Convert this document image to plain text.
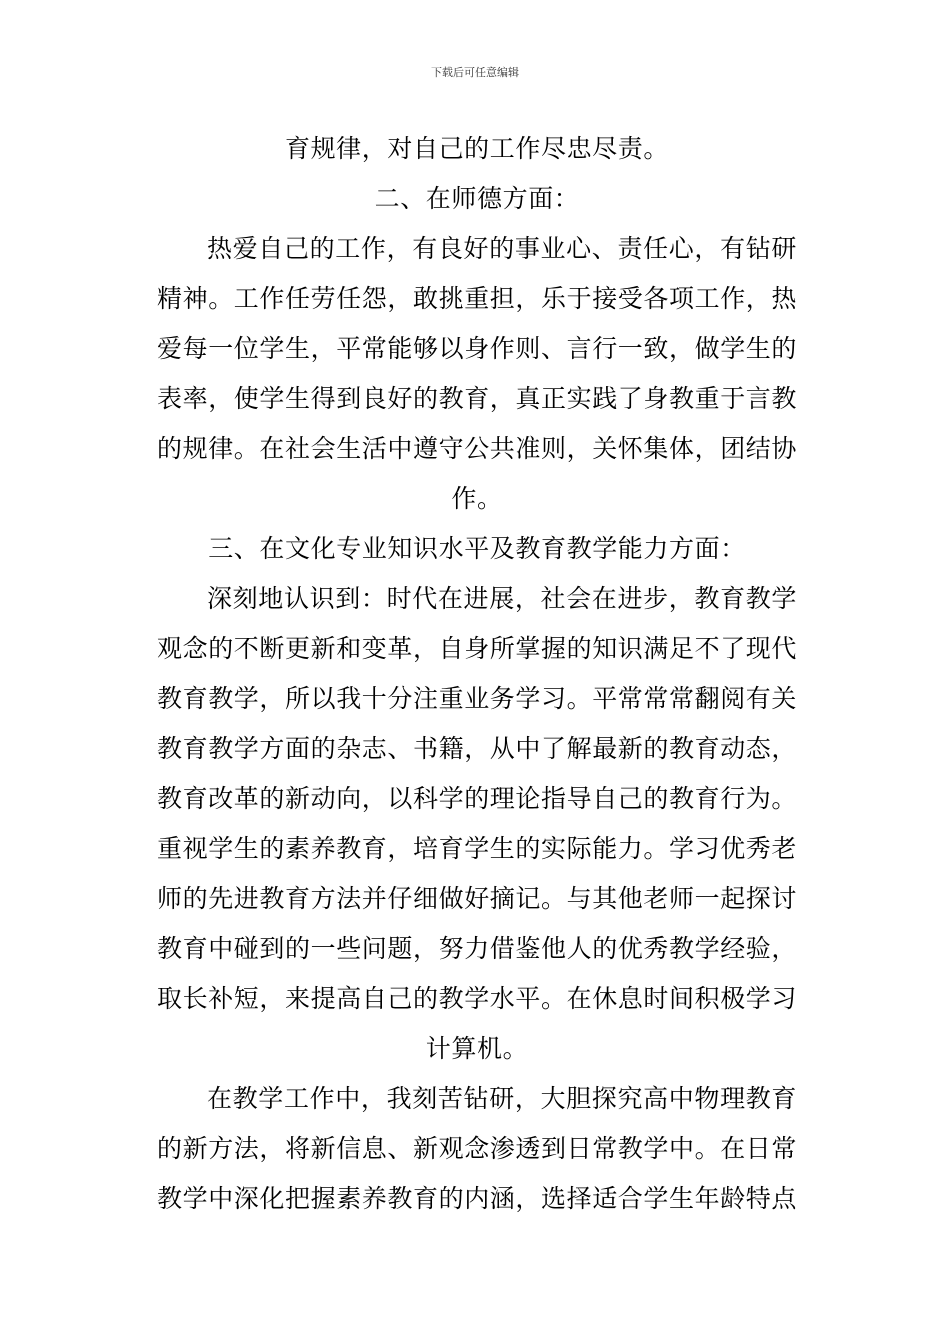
下载后可任意编辑
育规律，对自己的工作尽忠尽责。
二、在师德方面：
热爱自己的工作，有良好的事业心、责任心，有钻研
精神。工作任劳任怨，敢挑重担，乐于接受各项工作，热
爱每一位学生，平常能够以身作则、言行一致，做学生的
表率，使学生得到良好的教育，真正实践了身教重于言教
的规律。在社会生活中遵守公共准则，关怀集体，团结协
作。
三、在文化专业知识水平及教育教学能力方面：
深刻地认识到：时代在进展，社会在进步，教育教学
观念的不断更新和变革，自身所掌握的知识满足不了现代
教育教学，所以我十分注重业务学习。平常常常翻阅有关
教育教学方面的杂志、书籍，从中了解最新的教育动态，
教育改革的新动向，以科学的理论指导自己的教育行为。
重视学生的素养教育，培育学生的实际能力。学习优秀老
师的先进教育方法并仔细做好摘记。与其他老师一起探讨
教育中碰到的一些问题，努力借鉴他人的优秀教学经验，
取长补短，来提高自己的教学水平。在休息时间积极学习
计算机。
在教学工作中，我刻苦钻研，大胆探究高中物理教育
的新方法，将新信息、新观念渗透到日常教学中。在日常
教学中深化把握素养教育的内涵，选择适合学生年龄特点
